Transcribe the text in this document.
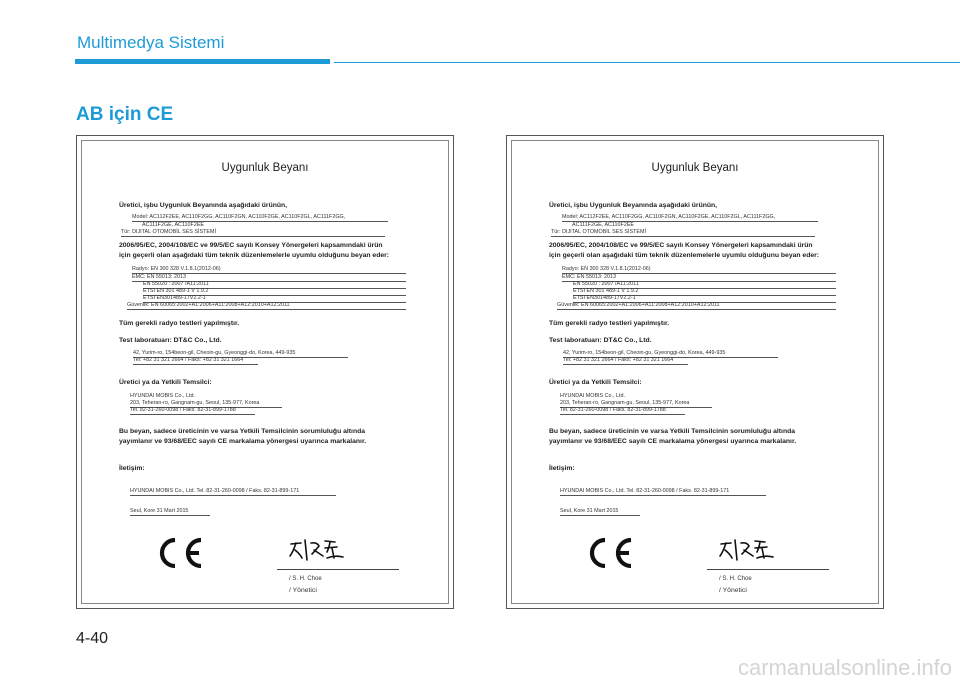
Multimedya Sistemi
AB için CE
Uygunluk Beyanı
Üretici, işbu Uygunluk Beyanında aşağıdaki ürünün,
Model: AC112F2EE, AC110F2GG, AC110F2GN, AC110F2GE, AC110F2GL, AC111F2GG,
AC111F2GE, AC110F2EE
Tür: DIJITAL OTOMOBİL SES SİSTEMİ
2006/95/EC, 2004/108/EC ve 99/5/EC sayılı Konsey Yönergeleri kapsamındaki ürün
için geçerli olan aşağıdaki tüm teknik düzenlemelerle uyumlu olduğunu beyan eder:
Radyo: EN 300 328 V.1.8.1(2012-06)
EMC: EN 55013: 2013
EN 55020 : 2007 /A11:2011
ETSI EN 301 489-1 V 1.9.2
ETSI EN301489-17V2.2-1
Güvenlik: EN 60065:2002+A1:2006+A11:2008+A12:2010+A12:2011
Tüm gerekli radyo testleri yapılmıştır.
Test laboratuarı: DT&C Co., Ltd.
42, Yurim-ro, 154beon-gil, Cheoin-gu, Gyeonggi-do, Korea, 449-935
Tel: +82 31 321 2664 / Faks: +82 31 321 1664
Üretici ya da Yetkili Temsilci:
HYUNDAI MOBIS Co., Ltd.
203, Teheran-ro, Gangnam-gu, Seoul, 135-977, Korea
Tel. 82-31-260-0098 / Faks. 82-31-899-1788
Bu beyan, sadece üreticinin ve varsa Yetkili Temsilcinin sorumluluğu altında
yayımlanır ve 93/68/EEC sayılı CE markalama yönergesi uyarınca markalanır.
İletişim:
HYUNDAI MOBIS Co., Ltd. Tel. 82-31-260-0098 / Faks. 82-31-899-171
Seul, Kore 31 Mart 2015
/ S. H. Choe
/ Yönetici
Uygunluk Beyanı
Üretici, işbu Uygunluk Beyanında aşağıdaki ürünün,
Model: AC112F2EE, AC110F2GG, AC110F2GN, AC110F2GE, AC110F2GL, AC111F2GG,
AC111F2GE, AC110F2EE
Tür: DIJITAL OTOMOBİL SES SİSTEMİ
2006/95/EC, 2004/108/EC ve 99/5/EC sayılı Konsey Yönergeleri kapsamındaki ürün
için geçerli olan aşağıdaki tüm teknik düzenlemelerle uyumlu olduğunu beyan eder:
Radyo: EN 300 328 V.1.8.1(2012-06)
EMC: EN 55013: 2013
EN 55020 : 2007 /A11:2011
ETSI EN 301 489-1 V 1.9.2
ETSI EN301489-17V2.2-1
Güvenlik: EN 60065:2002+A1:2006+A11:2008+A12:2010+A12:2011
Tüm gerekli radyo testleri yapılmıştır.
Test laboratuarı: DT&C Co., Ltd.
42, Yurim-ro, 154beon-gil, Cheoin-gu, Gyeonggi-do, Korea, 449-935
Tel: +82 31 321 2664 / Faks: +82 31 321 1664
Üretici ya da Yetkili Temsilci:
HYUNDAI MOBIS Co., Ltd.
203, Teheran-ro, Gangnam-gu, Seoul, 135-977, Korea
Tel. 82-31-260-0098 / Faks. 82-31-899-1788
Bu beyan, sadece üreticinin ve varsa Yetkili Temsilcinin sorumluluğu altında
yayımlanır ve 93/68/EEC sayılı CE markalama yönergesi uyarınca markalanır.
İletişim:
HYUNDAI MOBIS Co., Ltd. Tel. 82-31-260-0098 / Faks. 82-31-899-171
Seul, Kore 31 Mart 2015
/ S. H. Choe
/ Yönetici
4-40
carmanualsonline.info
